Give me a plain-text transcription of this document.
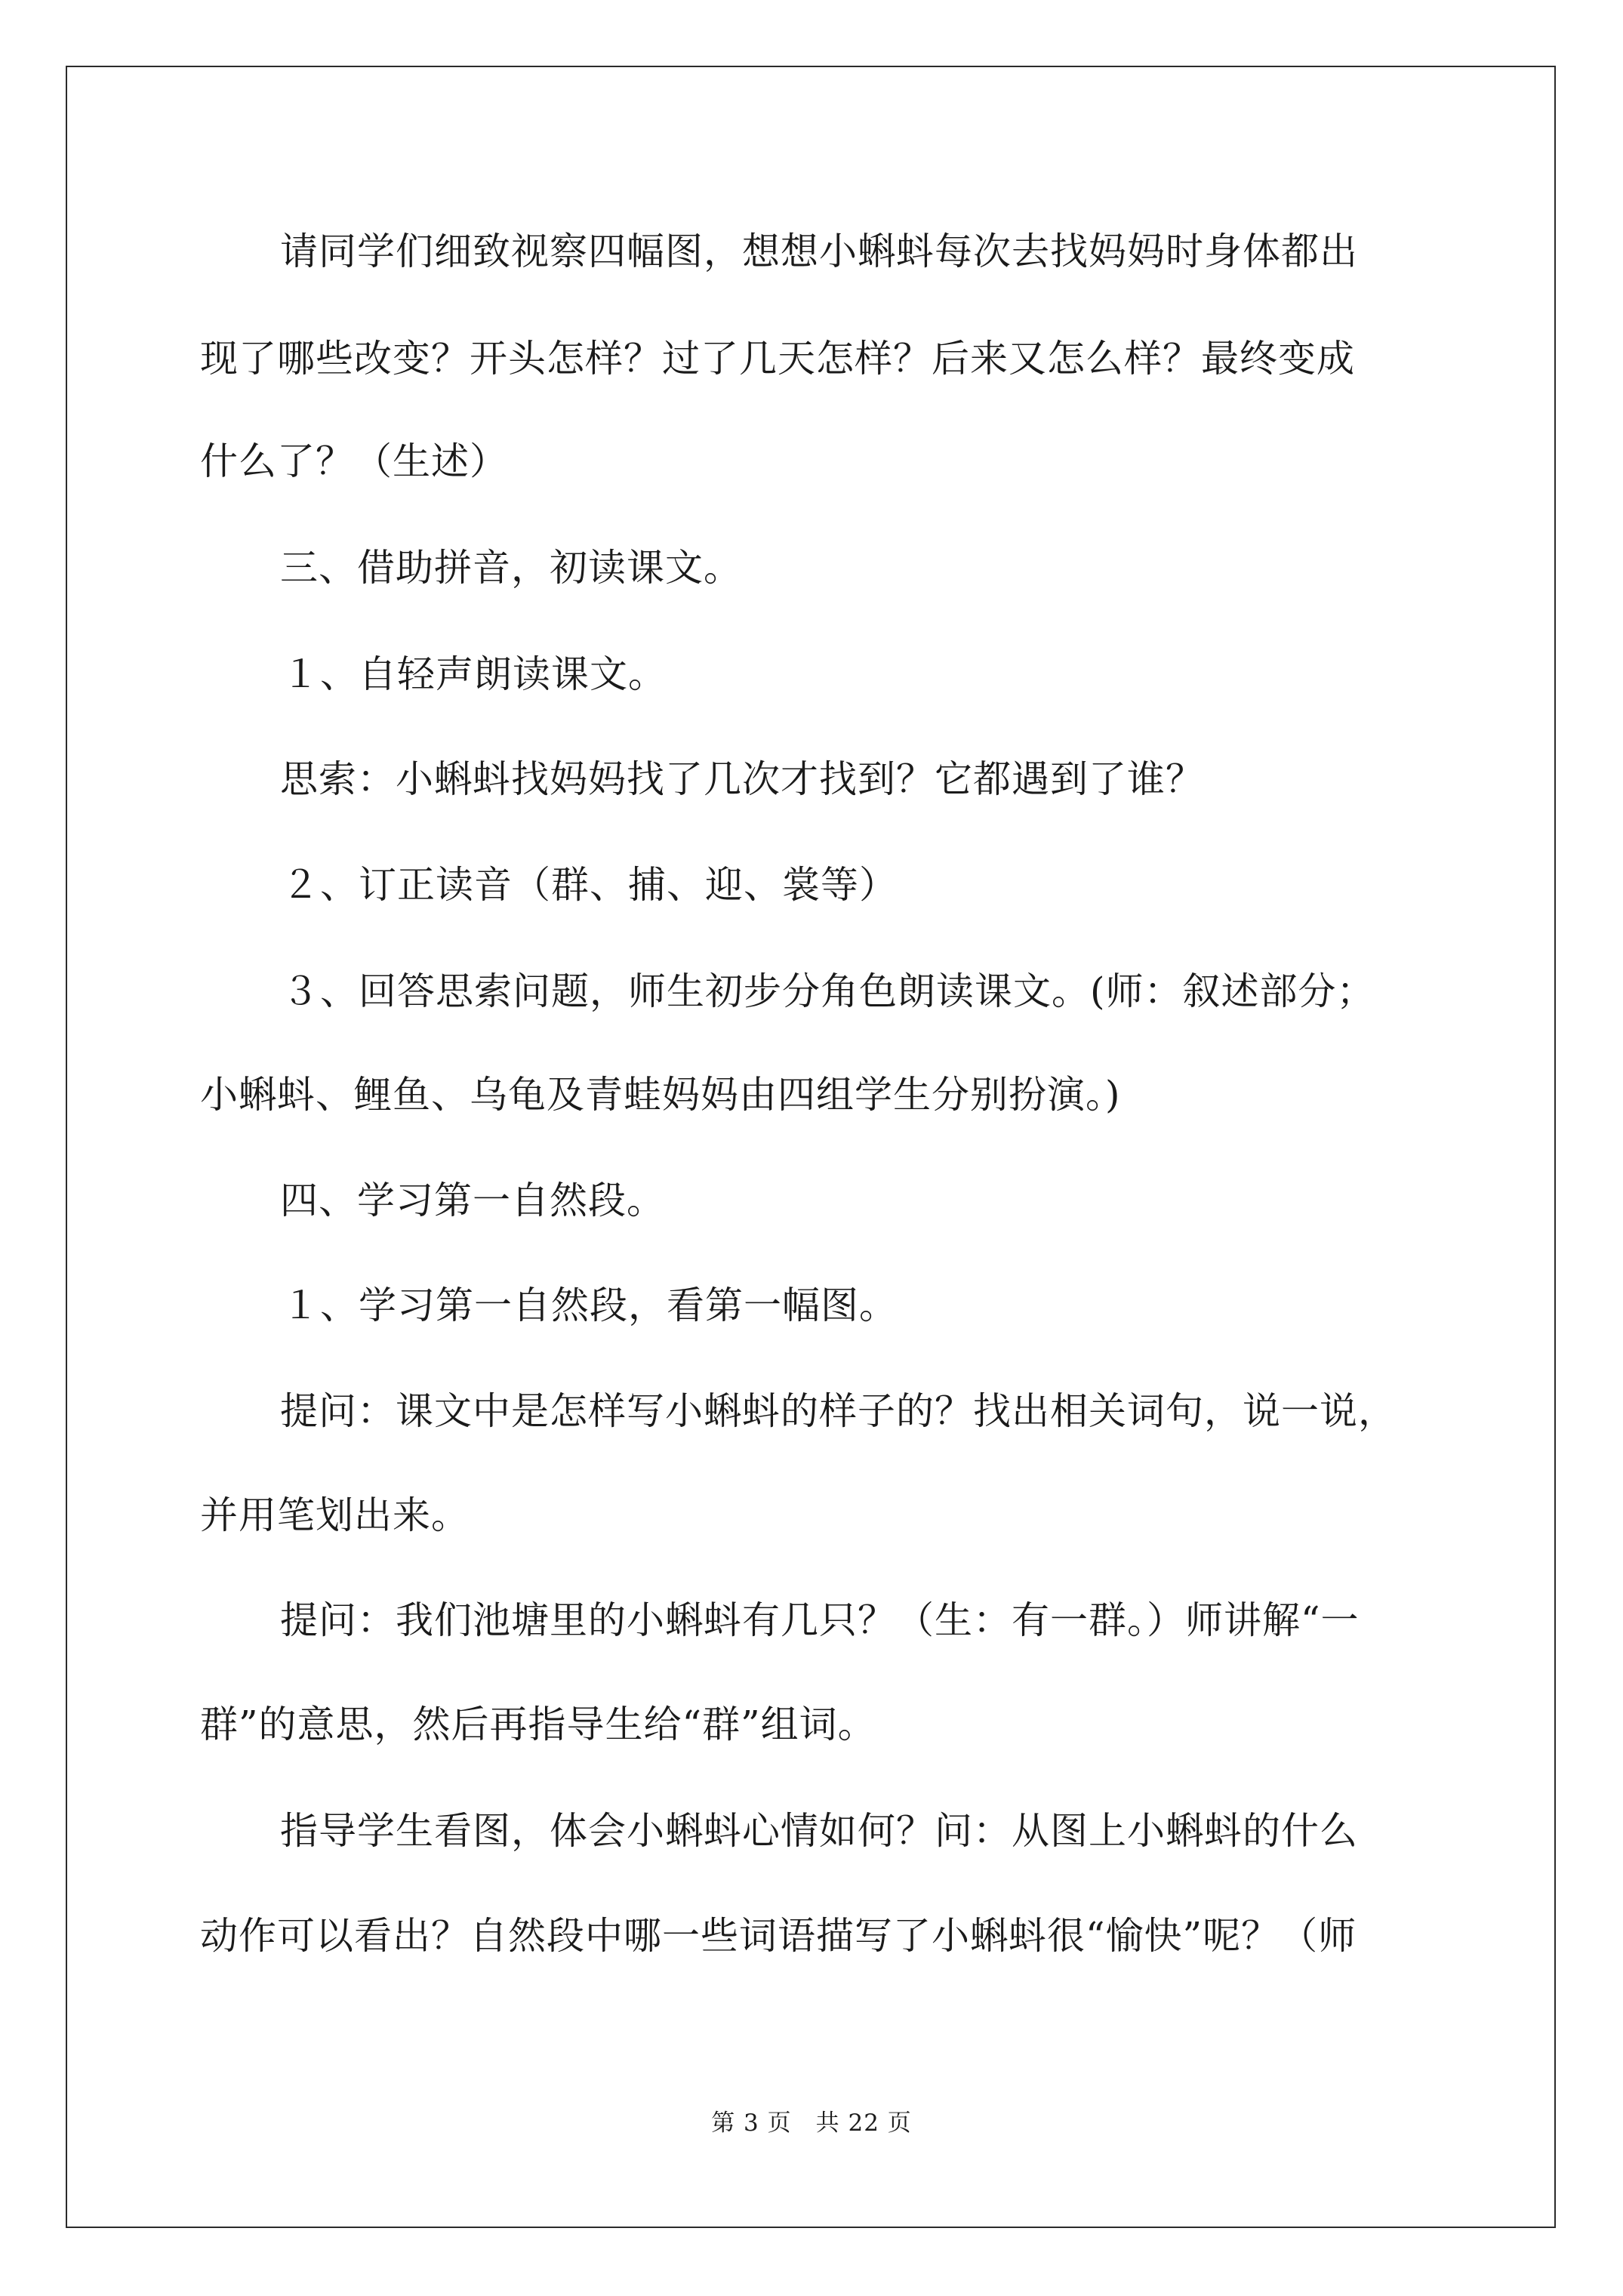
请同学们细致视察四幅图，想想小蝌蚪每次去找妈妈时身体都出
现了哪些改变？开头怎样？过了几天怎样？后来又怎么样？最终变成
什么了？（生述）
三、借助拼音，初读课文。
１、自轻声朗读课文。
思索：小蝌蚪找妈妈找了几次才找到？它都遇到了谁？
２、订正读音（群、捕、迎、裳等）
３、回答思索问题，师生初步分角色朗读课文。(师：叙述部分；
小蝌蚪、鲤鱼、乌龟及青蛙妈妈由四组学生分别扮演。)
四、学习第一自然段。
１、学习第一自然段，看第一幅图。
提问：课文中是怎样写小蝌蚪的样子的？找出相关词句，说一说，
并用笔划出来。
提问：我们池塘里的小蝌蚪有几只？（生：有一群。）师讲解“一
群”的意思，然后再指导生给“群”组词。
指导学生看图，体会小蝌蚪心情如何？问：从图上小蝌蚪的什么
动作可以看出？自然段中哪一些词语描写了小蝌蚪很“愉快”呢？（师
第 3 页　共 22 页
